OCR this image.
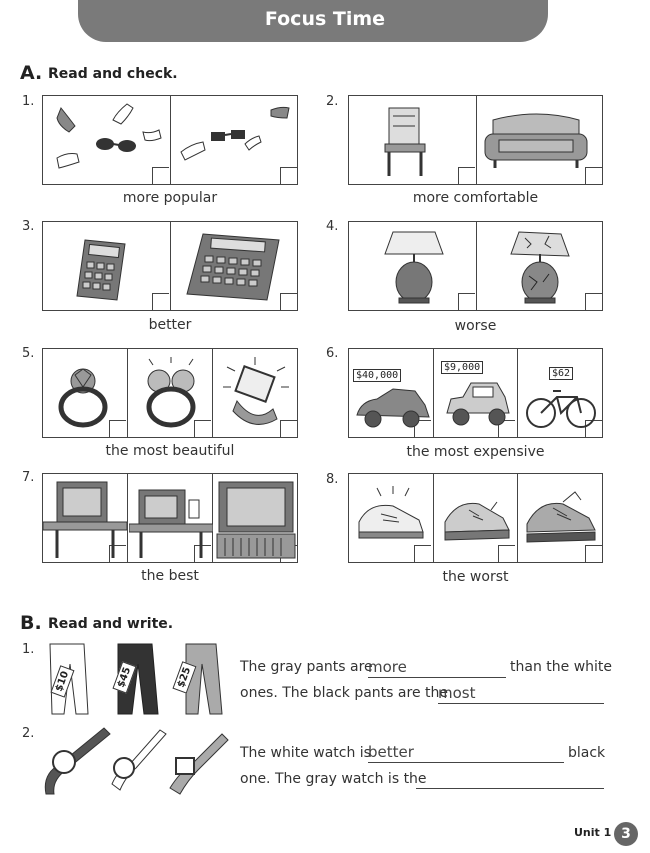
Focus Time
A. Read and check.
1.
more popular
2.
more comfortable
3.
better
4.
worse
5.
the most beautiful
6.
$40,000
$9,000
$62
the most expensive
7.
the best
8.
the worst
B. Read and write.
1.
$10	$45	$25	The gray pants are
more	than the white
ones. The black pants are the
most
2.
The white watch is
better	black
one. The gray watch is the
Unit 1 3
